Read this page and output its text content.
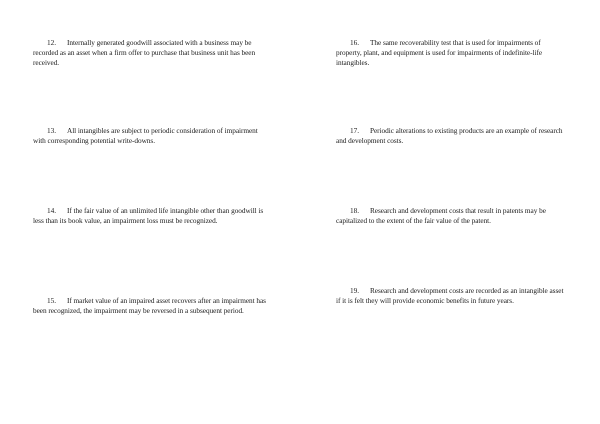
12. Internally generated goodwill associated with a business may be recorded as an asset when a firm offer to purchase that business unit has been received.

13. All intangibles are subject to periodic consideration of impairment with corresponding potential write-downs.

14. If the fair value of an unlimited life intangible other than goodwill is less than its book value, an impairment loss must be recognized.

15. If market value of an impaired asset recovers after an impairment has been recognized, the impairment may be reversed in a subsequent period.

16. The same recoverability test that is used for impairments of property, plant, and equipment is used for impairments of indefinite-life intangibles.

17. Periodic alterations to existing products are an example of research and development costs.

18. Research and development costs that result in patents may be capitalized to the extent of the fair value of the patent.

19. Research and development costs are recorded as an intangible asset if it is felt they will provide economic benefits in future years.
